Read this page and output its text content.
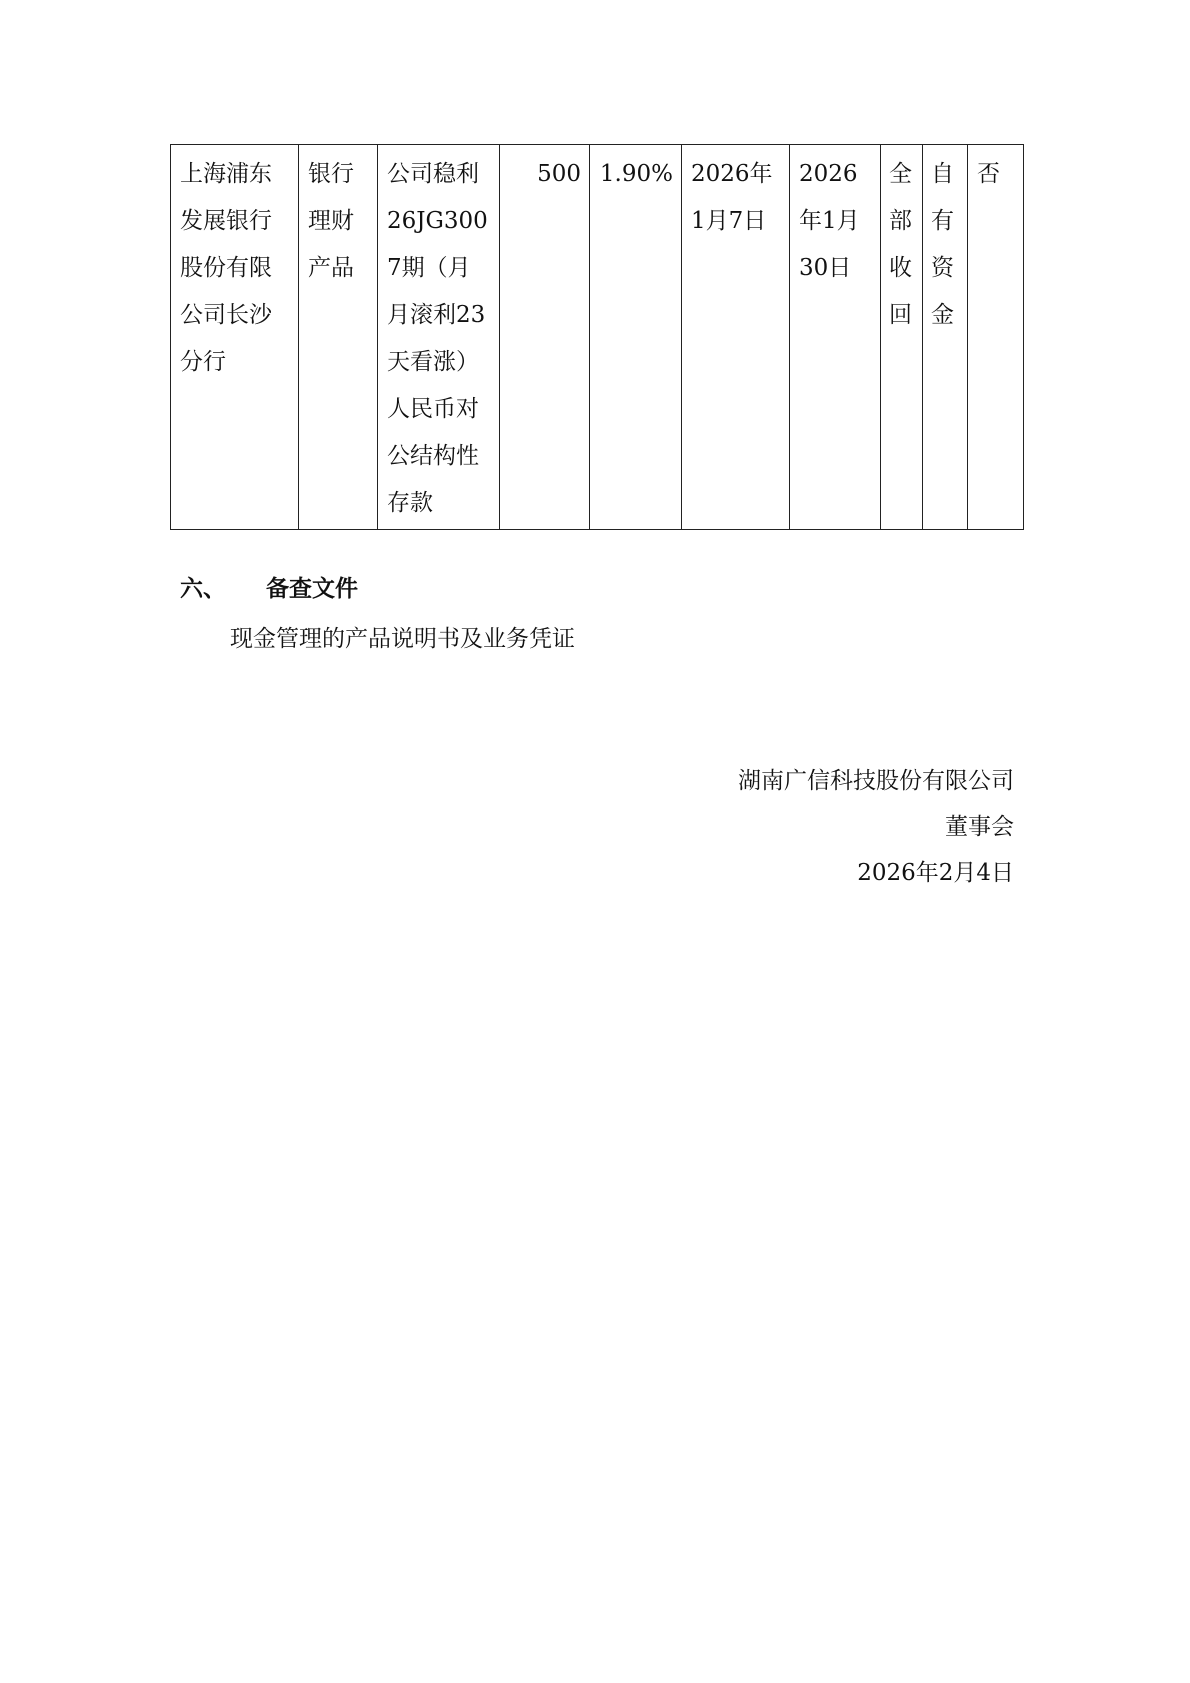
上海浦东发展银行股份有限公司长沙分行	银行理财产品	公司稳利26JG3007期（月月滚利23天看涨）人民币对公结构性存款	500	1.90%	2026年1月7日	2026年1月30日	全部收回	自有资金	否
六、 备查文件
现金管理的产品说明书及业务凭证
湖南广信科技股份有限公司
董事会
2026年2月4日
